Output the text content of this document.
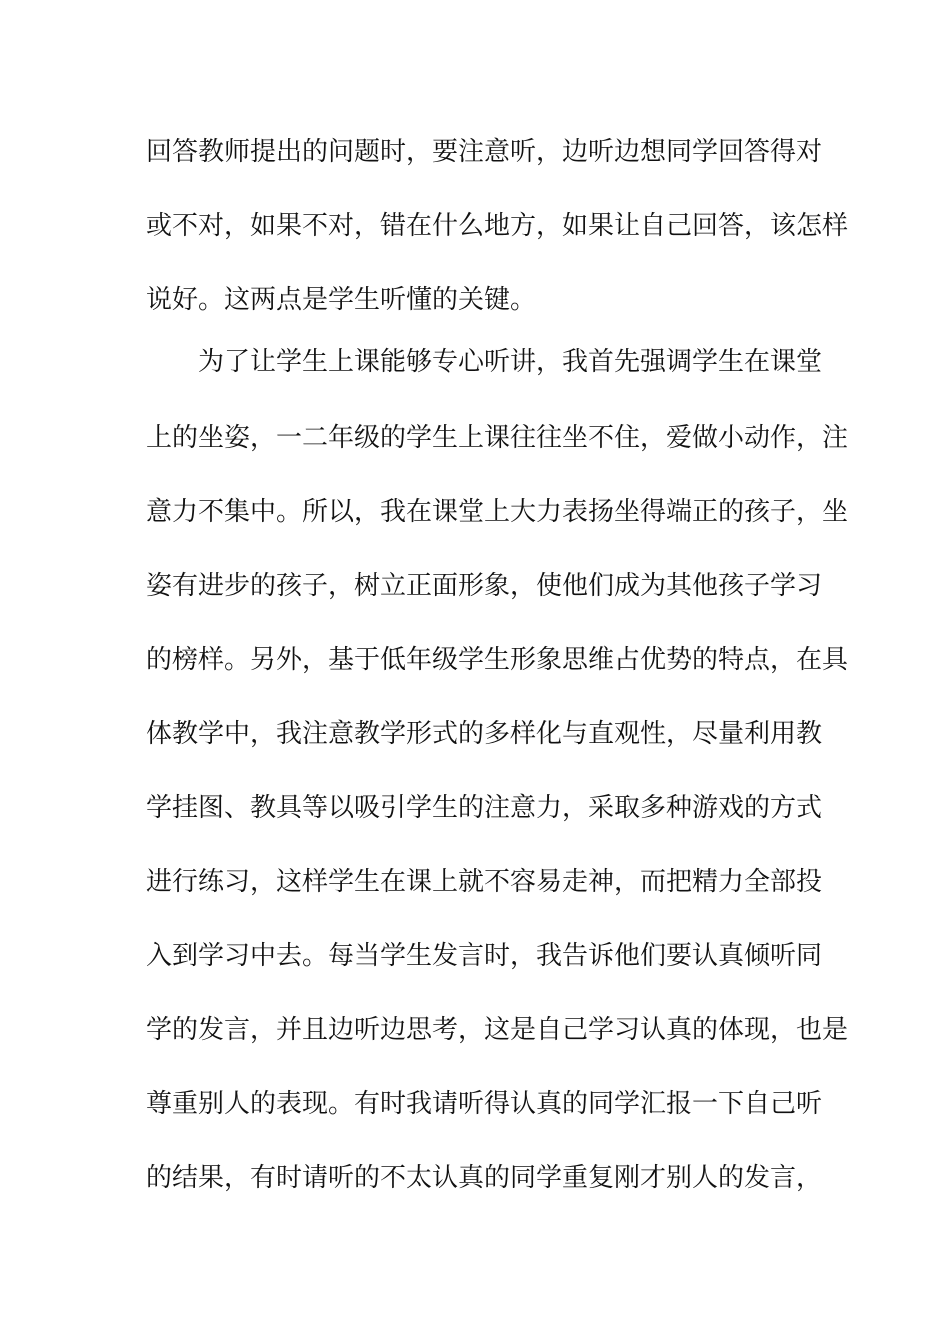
回答教师提出的问题时，要注意听，边听边想同学回答得对
或不对，如果不对，错在什么地方，如果让自己回答，该怎样
说好。这两点是学生听懂的关键。
为了让学生上课能够专心听讲，我首先强调学生在课堂
上的坐姿，一二年级的学生上课往往坐不住，爱做小动作，注
意力不集中。所以，我在课堂上大力表扬坐得端正的孩子，坐
姿有进步的孩子，树立正面形象，使他们成为其他孩子学习
的榜样。另外，基于低年级学生形象思维占优势的特点，在具
体教学中，我注意教学形式的多样化与直观性，尽量利用教
学挂图、教具等以吸引学生的注意力，采取多种游戏的方式
进行练习，这样学生在课上就不容易走神，而把精力全部投
入到学习中去。每当学生发言时，我告诉他们要认真倾听同
学的发言，并且边听边思考，这是自己学习认真的体现，也是
尊重别人的表现。有时我请听得认真的同学汇报一下自己听
的结果，有时请听的不太认真的同学重复刚才别人的发言，
